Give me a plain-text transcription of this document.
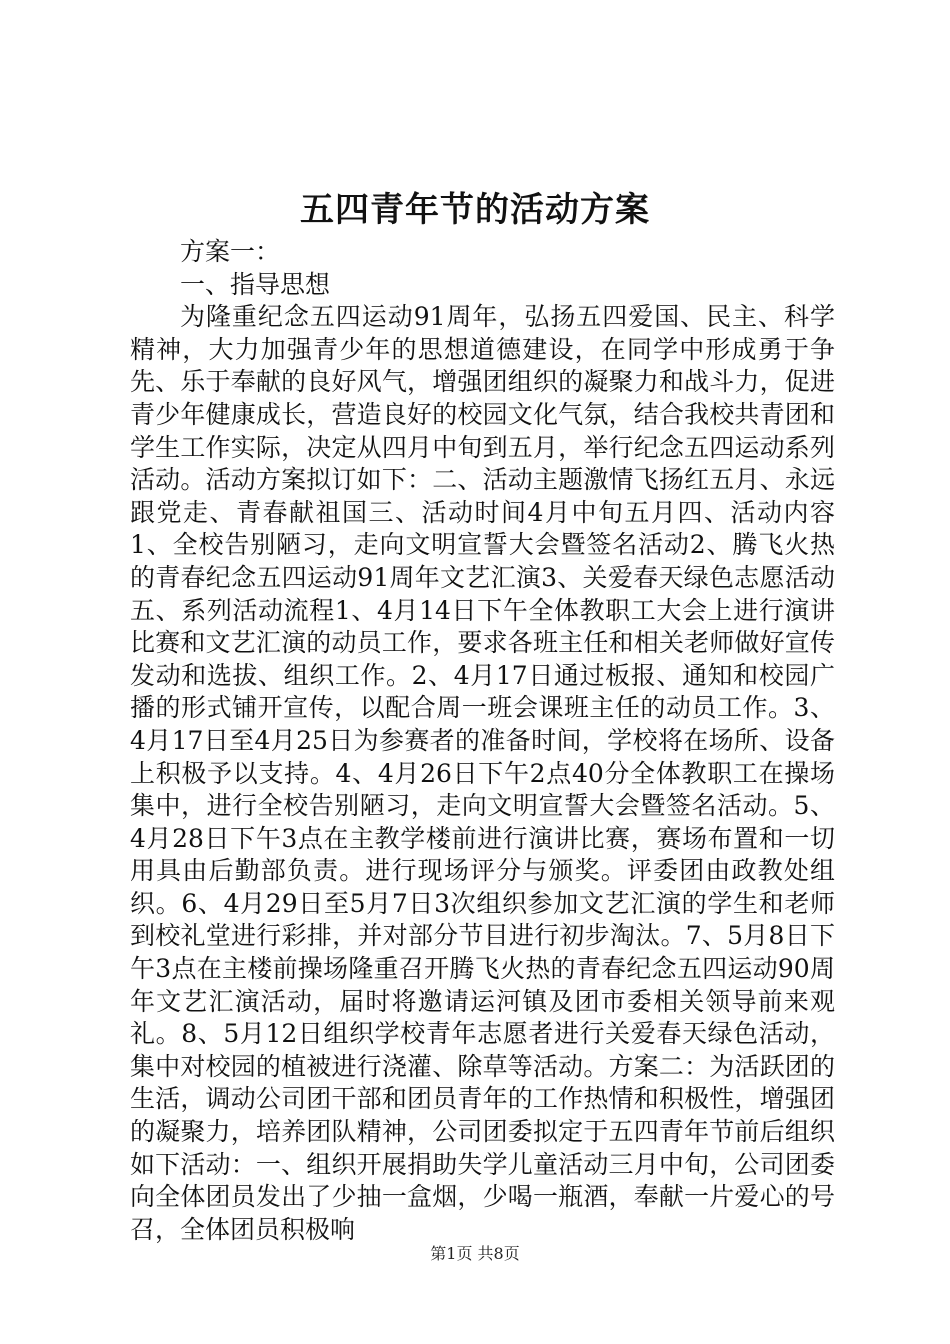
五四青年节的活动方案

方案一：

一、指导思想

为隆重纪念五四运动91周年，弘扬五四爱国、民主、科学精神，大力加强青少年的思想道德建设，在同学中形成勇于争先、乐于奉献的良好风气，增强团组织的凝聚力和战斗力，促进青少年健康成长，营造良好的校园文化气氛，结合我校共青团和学生工作实际，决定从四月中旬到五月，举行纪念五四运动系列活动。活动方案拟订如下：二、活动主题激情飞扬红五月、永远跟党走、青春献祖国三、活动时间4月中旬五月四、活动内容1、全校告别陋习，走向文明宣誓大会暨签名活动2、腾飞火热的青春纪念五四运动91周年文艺汇演3、关爱春天绿色志愿活动五、系列活动流程1、4月14日下午全体教职工大会上进行演讲比赛和文艺汇演的动员工作，要求各班主任和相关老师做好宣传发动和选拔、组织工作。2、4月17日通过板报、通知和校园广播的形式铺开宣传，以配合周一班会课班主任的动员工作。3、4月17日至4月25日为参赛者的准备时间，学校将在场所、设备上积极予以支持。4、4月26日下午2点40分全体教职工在操场集中，进行全校告别陋习，走向文明宣誓大会暨签名活动。5、4月28日下午3点在主教学楼前进行演讲比赛，赛场布置和一切用具由后勤部负责。进行现场评分与颁奖。评委团由政教处组织。6、4月29日至5月7日3次组织参加文艺汇演的学生和老师到校礼堂进行彩排，并对部分节目进行初步淘汰。7、5月8日下午3点在主楼前操场隆重召开腾飞火热的青春纪念五四运动90周年文艺汇演活动，届时将邀请运河镇及团市委相关领导前来观礼。8、5月12日组织学校青年志愿者进行关爱春天绿色活动，集中对校园的植被进行浇灌、除草等活动。方案二：为活跃团的生活，调动公司团干部和团员青年的工作热情和积极性，增强团的凝聚力，培养团队精神，公司团委拟定于五四青年节前后组织如下活动：一、组织开展捐助失学儿童活动三月中旬，公司团委向全体团员发出了少抽一盒烟，少喝一瓶酒，奉献一片爱心的号召，全体团员积极响

第1页 共8页
